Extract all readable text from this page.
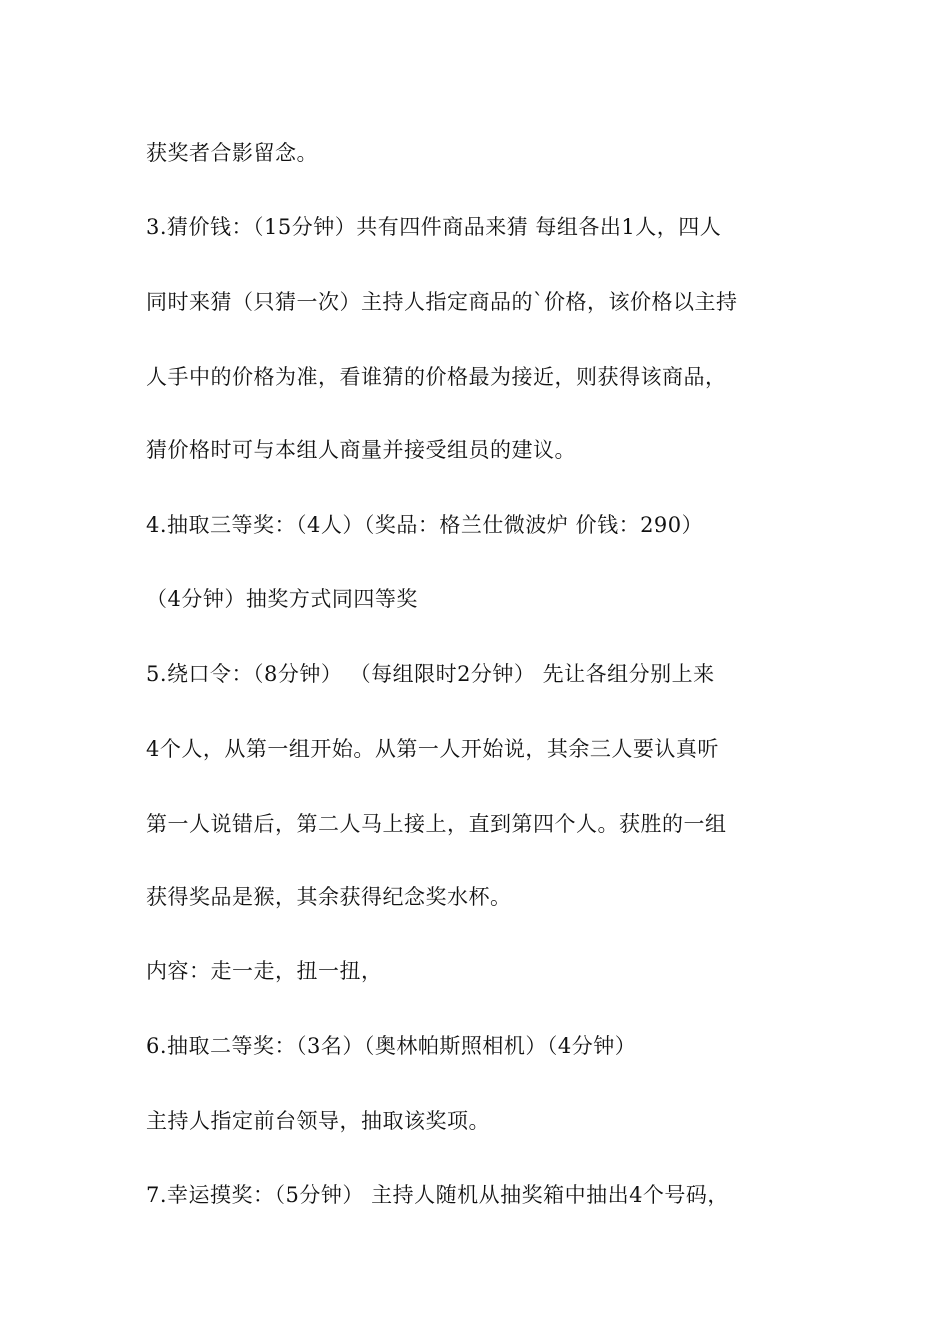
获奖者合影留念。

3.猜价钱：（15分钟）共有四件商品来猜 每组各出1人，四人

同时来猜（只猜一次）主持人指定商品的`价格，该价格以主持

人手中的价格为准，看谁猜的价格最为接近，则获得该商品，

猜价格时可与本组人商量并接受组员的建议。

4.抽取三等奖：（4人）（奖品：格兰仕微波炉 价钱：290）

（4分钟）抽奖方式同四等奖

5.绕口令：（8分钟） （每组限时2分钟） 先让各组分别上来

4个人，从第一组开始。从第一人开始说，其余三人要认真听

第一人说错后，第二人马上接上，直到第四个人。获胜的一组

获得奖品是猴，其余获得纪念奖水杯。

内容：走一走，扭一扭，

6.抽取二等奖：（3名）（奥林帕斯照相机）（4分钟）

主持人指定前台领导，抽取该奖项。

7.幸运摸奖：（5分钟） 主持人随机从抽奖箱中抽出4个号码，
